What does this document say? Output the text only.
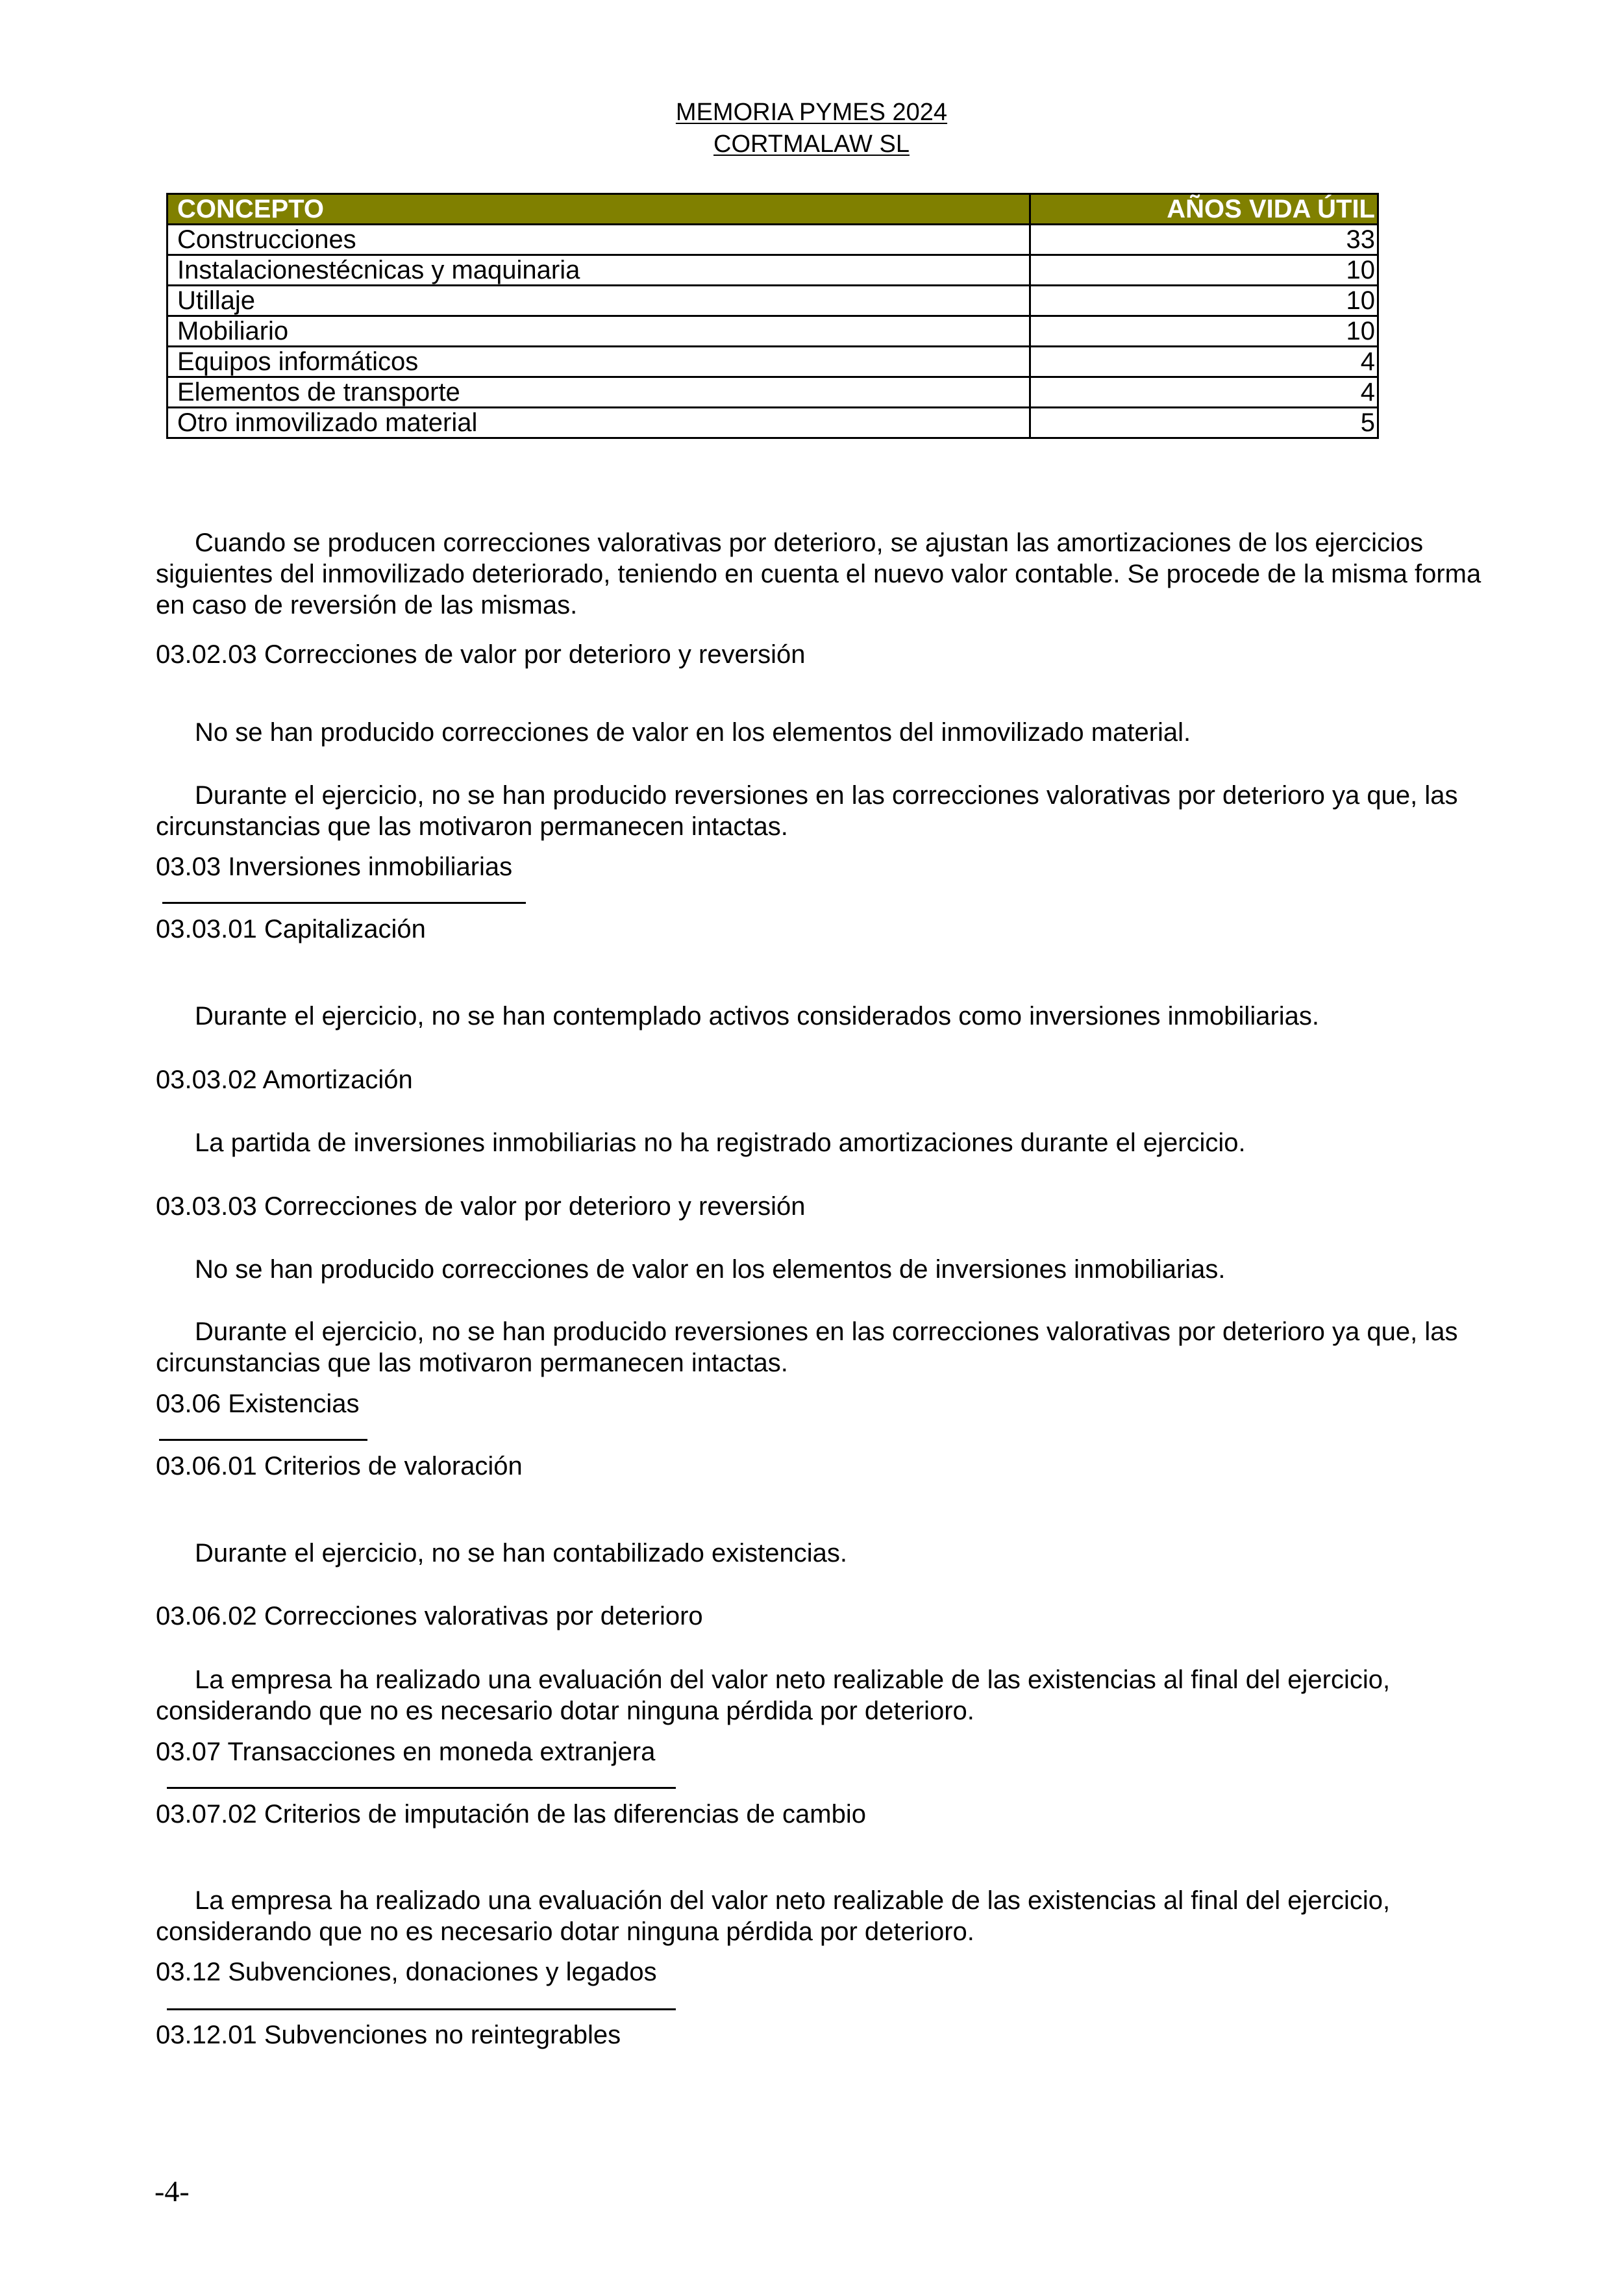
MEMORIA PYMES 2024
CORTMALAW SL
CONCEPTO	AÑOS VIDA ÚTIL
Construcciones	33
Instalacionestécnicas y maquinaria	10
Utillaje	10
Mobiliario	10
Equipos informáticos	4
Elementos de transporte	4
Otro inmovilizado material	5
Cuando se producen correcciones valorativas por deterioro, se ajustan las amortizaciones de los ejercicios siguientes del inmovilizado deteriorado, teniendo en cuenta el nuevo valor contable. Se procede de la misma forma en caso de reversión de las mismas.
03.02.03 Correcciones de valor por deterioro y reversión
No se han producido correcciones de valor en los elementos del inmovilizado material.
Durante el ejercicio, no se han producido reversiones en las correcciones valorativas por deterioro ya que, las circunstancias que las motivaron permanecen intactas.
03.03 Inversiones inmobiliarias
03.03.01 Capitalización
Durante el ejercicio, no se han contemplado activos considerados como inversiones inmobiliarias.
03.03.02 Amortización
La partida de inversiones inmobiliarias no ha registrado amortizaciones durante el ejercicio.
03.03.03 Correcciones de valor por deterioro y reversión
No se han producido correcciones de valor en los elementos de inversiones inmobiliarias.
Durante el ejercicio, no se han producido reversiones en las correcciones valorativas por deterioro ya que, las circunstancias que las motivaron permanecen intactas.
03.06 Existencias
03.06.01 Criterios de valoración
Durante el ejercicio, no se han contabilizado existencias.
03.06.02 Correcciones valorativas por deterioro
La empresa ha realizado una evaluación del valor neto realizable de las existencias al final del ejercicio, considerando que no es necesario dotar ninguna pérdida por deterioro.
03.07 Transacciones en moneda extranjera
03.07.02 Criterios de imputación de las diferencias de cambio
La empresa ha realizado una evaluación del valor neto realizable de las existencias al final del ejercicio, considerando que no es necesario dotar ninguna pérdida por deterioro.
03.12 Subvenciones, donaciones y legados
03.12.01 Subvenciones no reintegrables
-4-
